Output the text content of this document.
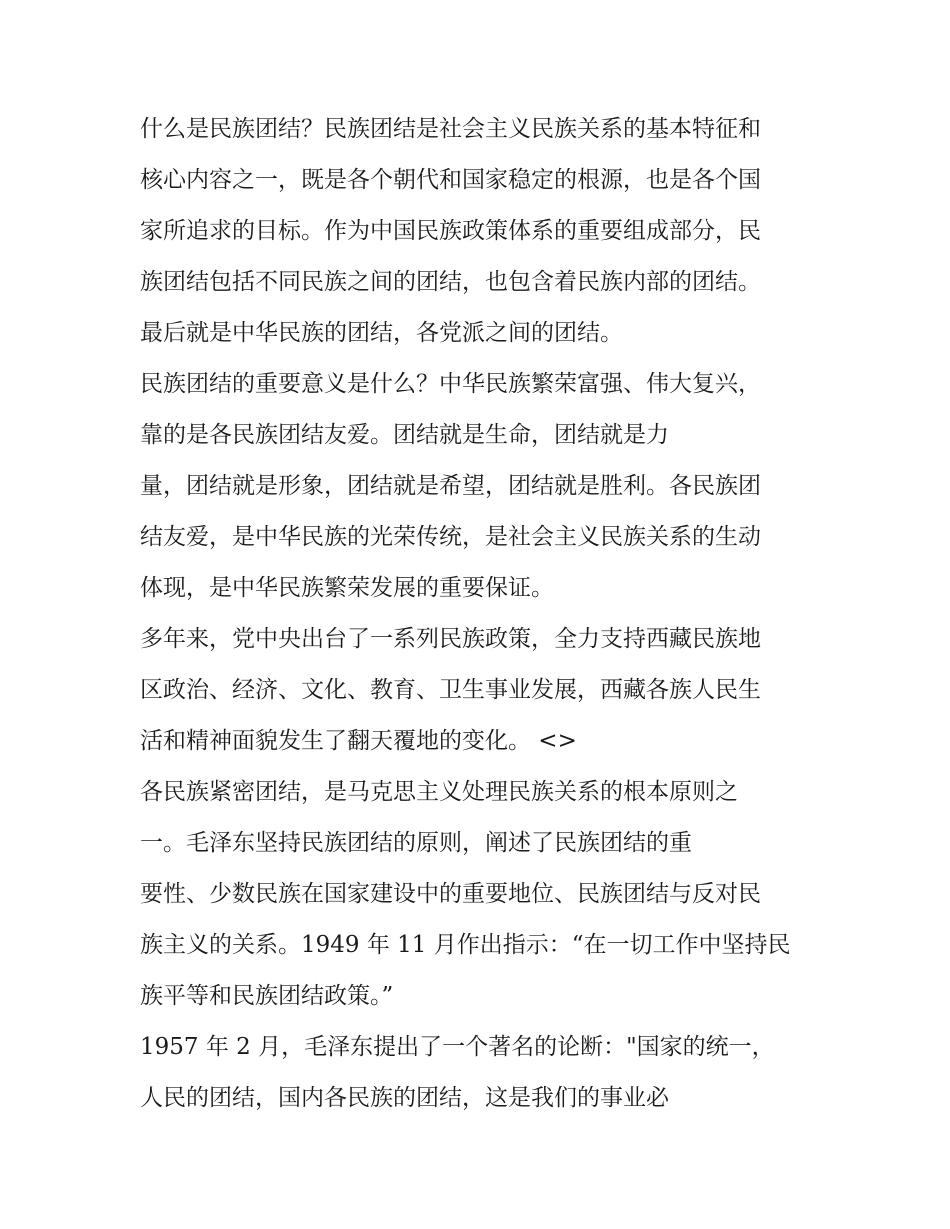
什么是民族团结？民族团结是社会主义民族关系的基本特征和
核心内容之一，既是各个朝代和国家稳定的根源，也是各个国
家所追求的目标。作为中国民族政策体系的重要组成部分，民
族团结包括不同民族之间的团结，也包含着民族内部的团结。
最后就是中华民族的团结，各党派之间的团结。
民族团结的重要意义是什么？中华民族繁荣富强、伟大复兴，
靠的是各民族团结友爱。团结就是生命，团结就是力
量，团结就是形象，团结就是希望，团结就是胜利。各民族团
结友爱，是中华民族的光荣传统，是社会主义民族关系的生动
体现，是中华民族繁荣发展的重要保证。
多年来，党中央出台了一系列民族政策，全力支持西藏民族地
区政治、经济、文化、教育、卫生事业发展，西藏各族人民生
活和精神面貌发生了翻天覆地的变化。 <>
各民族紧密团结，是马克思主义处理民族关系的根本原则之
一。毛泽东坚持民族团结的原则，阐述了民族团结的重
要性、少数民族在国家建设中的重要地位、民族团结与反对民
族主义的关系。1949 年 11 月作出指示：“在一切工作中坚持民
族平等和民族团结政策。”
1957 年 2 月，毛泽东提出了一个著名的论断："国家的统一，
人民的团结，国内各民族的团结，这是我们的事业必
